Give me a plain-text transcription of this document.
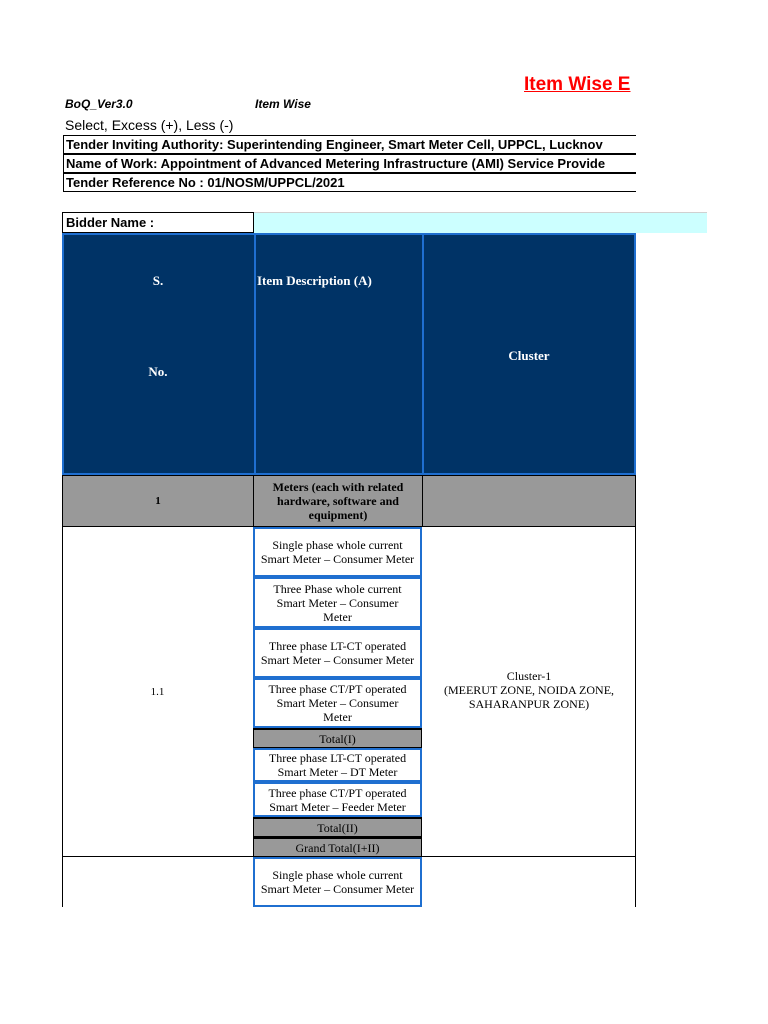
Item Wise E
BoQ_Ver3.0	Item Wise
Select, Excess (+), Less (-)
Tender Inviting Authority: Superintending Engineer, Smart Meter Cell, UPPCL, Lucknov
Name of Work: Appointment of Advanced Metering Infrastructure (AMI) Service Provide
Tender Reference No : 01/NOSM/UPPCL/2021
Bidder Name :
S.
No.
Item Description (A)
Cluster
1
Meters (each with related hardware, software and equipment)
1.1
Cluster-1
(MEERUT ZONE, NOIDA ZONE, SAHARANPUR ZONE)
Single phase whole current Smart Meter – Consumer Meter
Three Phase whole current Smart Meter – Consumer Meter
Three phase LT-CT operated Smart Meter – Consumer Meter
Three phase CT/PT operated Smart Meter – Consumer Meter
Total(I)
Three phase LT-CT operated Smart Meter – DT Meter
Three phase CT/PT operated Smart Meter – Feeder Meter
Total(II)
Grand Total(I+II)
Single phase whole current Smart Meter – Consumer Meter
